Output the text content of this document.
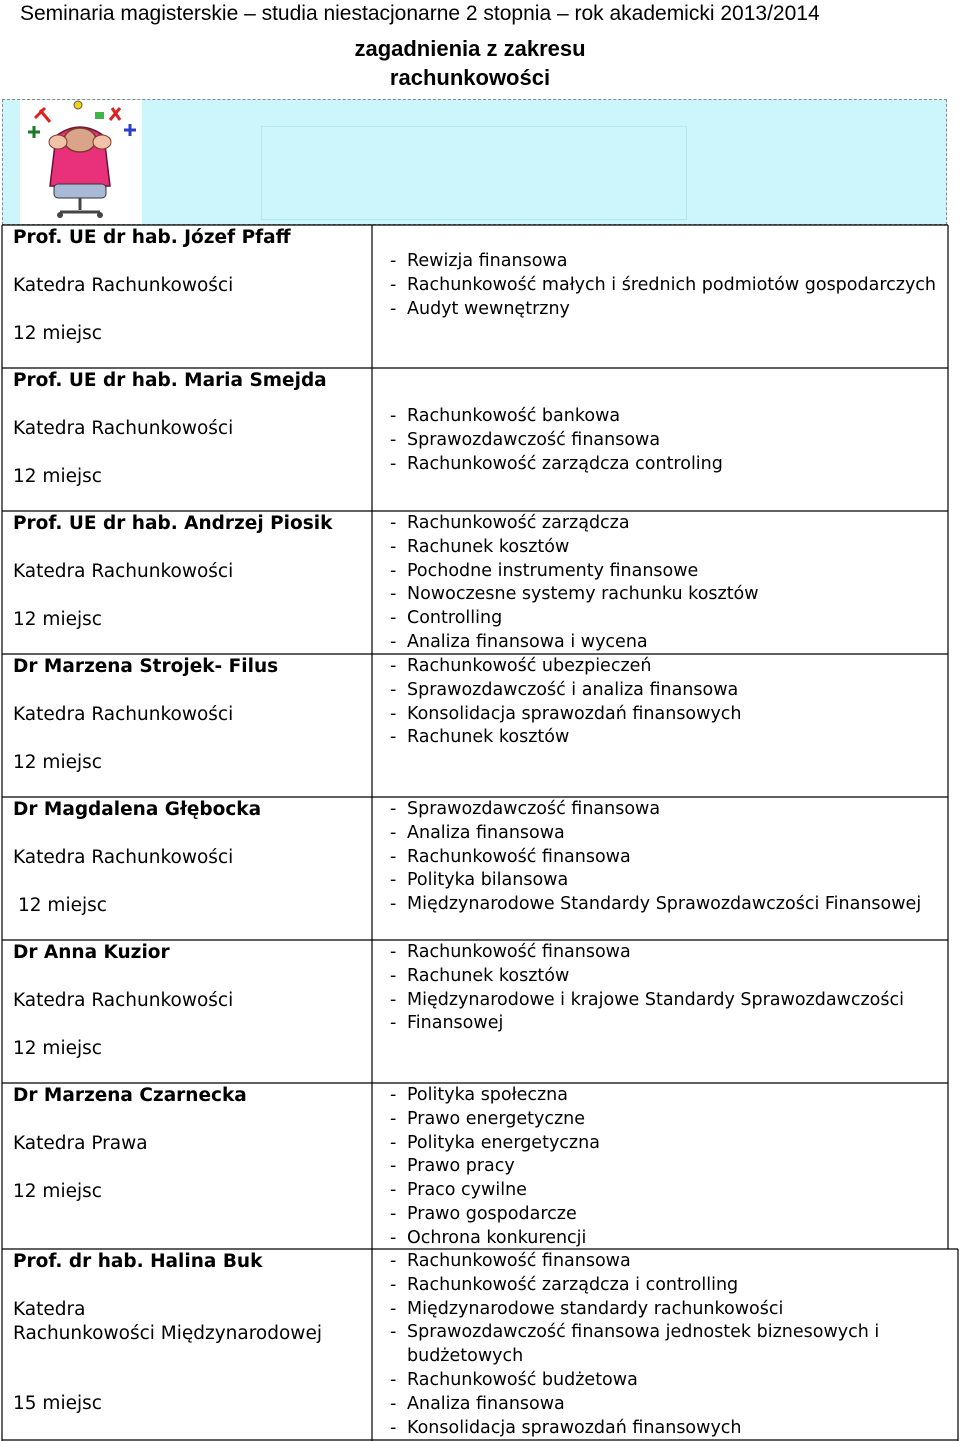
Seminaria magisterskie – studia niestacjonarne 2 stopnia – rok akademicki 2013/2014
zagadnienia z zakresu
rachunkowości
Prof. UE dr hab. Józef Pfaff
Katedra Rachunkowości
12 miejsc
- Rewizja finansowa
- Rachunkowość małych i średnich podmiotów gospodarczych
- Audyt wewnętrzny
Prof. UE dr hab. Maria Smejda
Katedra Rachunkowości
12 miejsc
- Rachunkowość bankowa
- Sprawozdawczość finansowa
- Rachunkowość zarządcza controling
Prof. UE dr hab. Andrzej Piosik
Katedra Rachunkowości
12 miejsc
- Rachunkowość zarządcza
- Rachunek kosztów
- Pochodne instrumenty finansowe
- Nowoczesne systemy rachunku kosztów
- Controlling
- Analiza finansowa i wycena
Dr Marzena Strojek- Filus
Katedra Rachunkowości
12 miejsc
- Rachunkowość ubezpieczeń
- Sprawozdawczość i analiza finansowa
- Konsolidacja sprawozdań finansowych
- Rachunek kosztów
Dr Magdalena Głębocka
Katedra Rachunkowości
12 miejsc
- Sprawozdawczość finansowa
- Analiza finansowa
- Rachunkowość finansowa
- Polityka bilansowa
- Międzynarodowe Standardy Sprawozdawczości Finansowej
Dr Anna Kuzior
Katedra Rachunkowości
12 miejsc
- Rachunkowość finansowa
- Rachunek kosztów
- Międzynarodowe i krajowe Standardy Sprawozdawczości
- Finansowej
Dr Marzena Czarnecka
Katedra Prawa
12 miejsc
- Polityka społeczna
- Prawo energetyczne
- Polityka energetyczna
- Prawo pracy
- Praco cywilne
- Prawo gospodarcze
- Ochrona konkurencji
Prof. dr hab. Halina Buk
Katedra
Rachunkowości Międzynarodowej
15 miejsc
- Rachunkowość finansowa
- Rachunkowość zarządcza i controlling
- Międzynarodowe standardy rachunkowości
- Sprawozdawczość finansowa jednostek biznesowych i budżetowych
- Rachunkowość budżetowa
- Analiza finansowa
- Konsolidacja sprawozdań finansowych
